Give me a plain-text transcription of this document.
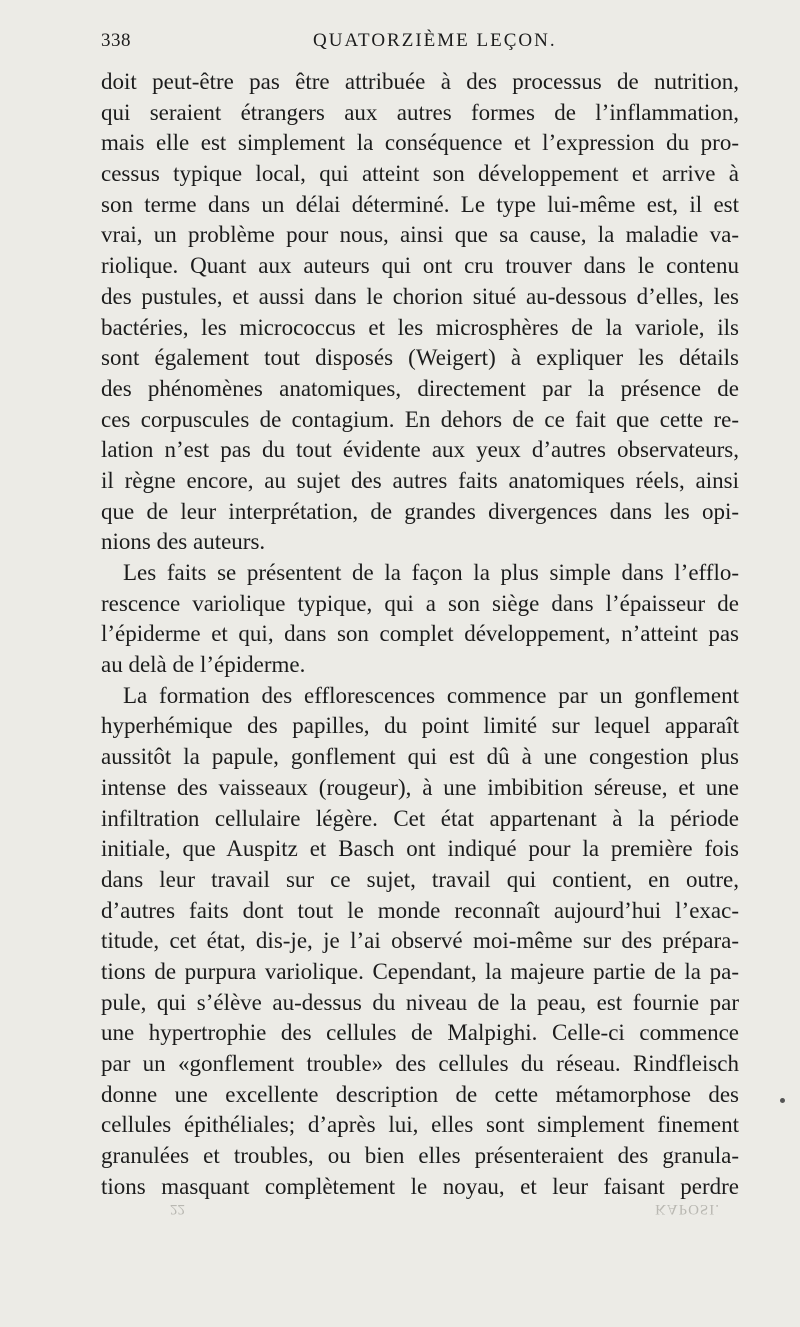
338	QUATORZIÈME LEÇON.
doit peut-être pas être attribuée à des processus de nutrition,
qui seraient étrangers aux autres formes de l’inflammation,
mais elle est simplement la conséquence et l’expression du pro-
cessus typique local, qui atteint son développement et arrive à
son terme dans un délai déterminé. Le type lui-même est, il est
vrai, un problème pour nous, ainsi que sa cause, la maladie va-
riolique. Quant aux auteurs qui ont cru trouver dans le contenu
des pustules, et aussi dans le chorion situé au-dessous d’elles, les
bactéries, les micrococcus et les microsphères de la variole, ils
sont également tout disposés (Weigert) à expliquer les détails
des phénomènes anatomiques, directement par la présence de
ces corpuscules de contagium. En dehors de ce fait que cette re-
lation n’est pas du tout évidente aux yeux d’autres observateurs,
il règne encore, au sujet des autres faits anatomiques réels, ainsi
que de leur interprétation, de grandes divergences dans les opi-
nions des auteurs.
Les faits se présentent de la façon la plus simple dans l’efflo-
rescence variolique typique, qui a son siège dans l’épaisseur de
l’épiderme et qui, dans son complet développement, n’atteint pas
au delà de l’épiderme.
La formation des efflorescences commence par un gonflement
hyperhémique des papilles, du point limité sur lequel apparaît
aussitôt la papule, gonflement qui est dû à une congestion plus
intense des vaisseaux (rougeur), à une imbibition séreuse, et une
infiltration cellulaire légère. Cet état appartenant à la période
initiale, que Auspitz et Basch ont indiqué pour la première fois
dans leur travail sur ce sujet, travail qui contient, en outre,
d’autres faits dont tout le monde reconnaît aujourd’hui l’exac-
titude, cet état, dis-je, je l’ai observé moi-même sur des prépara-
tions de purpura variolique. Cependant, la majeure partie de la pa-
pule, qui s’élève au-dessus du niveau de la peau, est fournie par
une hypertrophie des cellules de Malpighi. Celle-ci commence
par un «gonflement trouble» des cellules du réseau. Rindfleisch
donne une excellente description de cette métamorphose des
cellules épithéliales; d’après lui, elles sont simplement finement
granulées et troubles, ou bien elles présenteraient des granula-
tions masquant complètement le noyau, et leur faisant perdre
22	KAPOSI.
